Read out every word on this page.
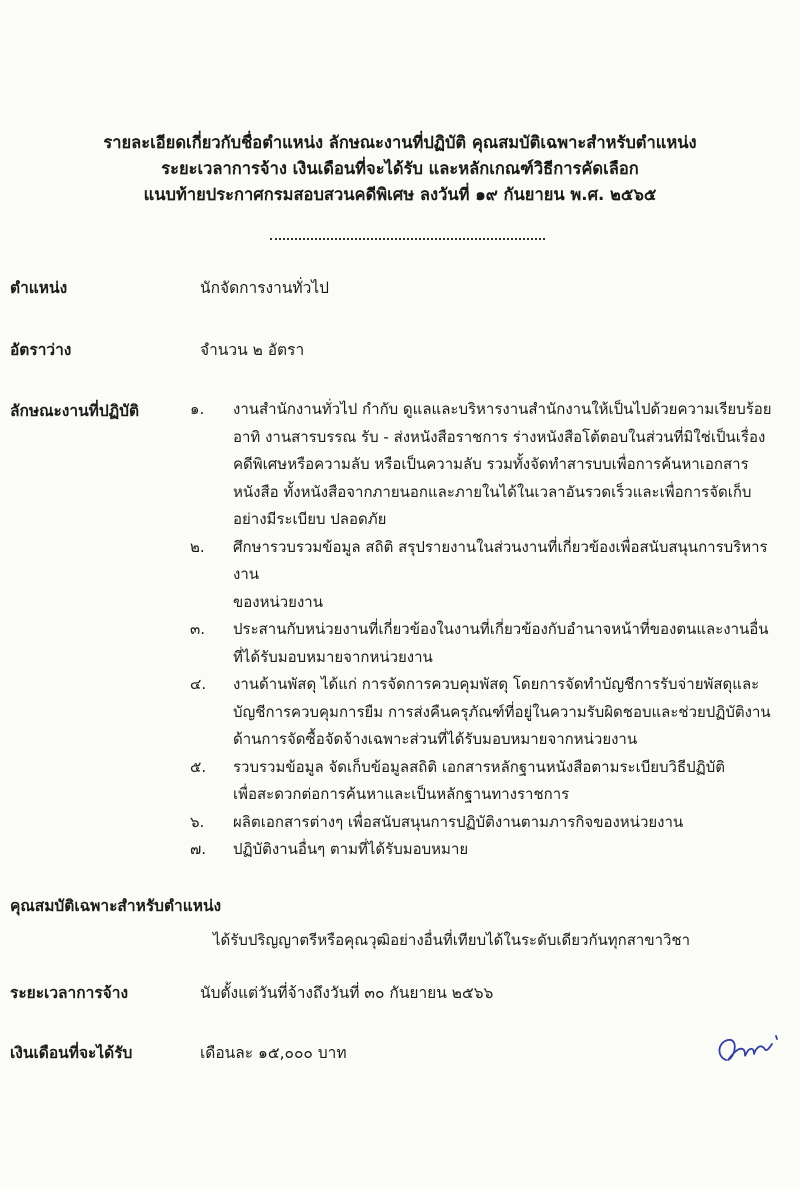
รายละเอียดเกี่ยวกับชื่อตำแหน่ง ลักษณะงานที่ปฏิบัติ คุณสมบัติเฉพาะสำหรับตำแหน่ง
ระยะเวลาการจ้าง เงินเดือนที่จะได้รับ และหลักเกณฑ์วิธีการคัดเลือก
แนบท้ายประกาศกรมสอบสวนคดีพิเศษ ลงวันที่ ๑๙ กันยายน พ.ศ. ๒๕๖๕
ตำแหน่ง	นักจัดการงานทั่วไป
อัตราว่าง	จำนวน ๒ อัตรา
ลักษณะงานที่ปฏิบัติ	๑. งานสำนักงานทั่วไป กำกับ ดูแลและบริหารงานสำนักงานให้เป็นไปด้วยความเรียบร้อย
อาทิ งานสารบรรณ รับ - ส่งหนังสือราชการ ร่างหนังสือโต้ตอบในส่วนที่มิใช่เป็นเรื่อง
คดีพิเศษหรือความลับ หรือเป็นความลับ รวมทั้งจัดทำสารบบเพื่อการค้นหาเอกสาร
หนังสือ ทั้งหนังสือจากภายนอกและภายในได้ในเวลาอันรวดเร็วและเพื่อการจัดเก็บ
อย่างมีระเบียบ ปลอดภัย
๒. ศึกษารวบรวมข้อมูล สถิติ สรุปรายงานในส่วนงานที่เกี่ยวข้องเพื่อสนับสนุนการบริหารงาน
ของหน่วยงาน
๓. ประสานกับหน่วยงานที่เกี่ยวข้องในงานที่เกี่ยวข้องกับอำนาจหน้าที่ของตนและงานอื่น
ที่ได้รับมอบหมายจากหน่วยงาน
๔. งานด้านพัสดุ ได้แก่ การจัดการควบคุมพัสดุ โดยการจัดทำบัญชีการรับจ่ายพัสดุและ
บัญชีการควบคุมการยืม การส่งคืนครุภัณฑ์ที่อยู่ในความรับผิดชอบและช่วยปฏิบัติงาน
ด้านการจัดซื้อจัดจ้างเฉพาะส่วนที่ได้รับมอบหมายจากหน่วยงาน
๕. รวบรวมข้อมูล จัดเก็บข้อมูลสถิติ เอกสารหลักฐานหนังสือตามระเบียบวิธีปฏิบัติ
เพื่อสะดวกต่อการค้นหาและเป็นหลักฐานทางราชการ
๖. ผลิตเอกสารต่างๆ เพื่อสนับสนุนการปฏิบัติงานตามภารกิจของหน่วยงาน
๗. ปฏิบัติงานอื่นๆ ตามที่ได้รับมอบหมาย
คุณสมบัติเฉพาะสำหรับตำแหน่ง
ได้รับปริญญาตรีหรือคุณวุฒิอย่างอื่นที่เทียบได้ในระดับเดียวกันทุกสาขาวิชา
ระยะเวลาการจ้าง	นับตั้งแต่วันที่จ้างถึงวันที่ ๓๐ กันยายน ๒๕๖๖
เงินเดือนที่จะได้รับ	เดือนละ ๑๕,๐๐๐ บาท
